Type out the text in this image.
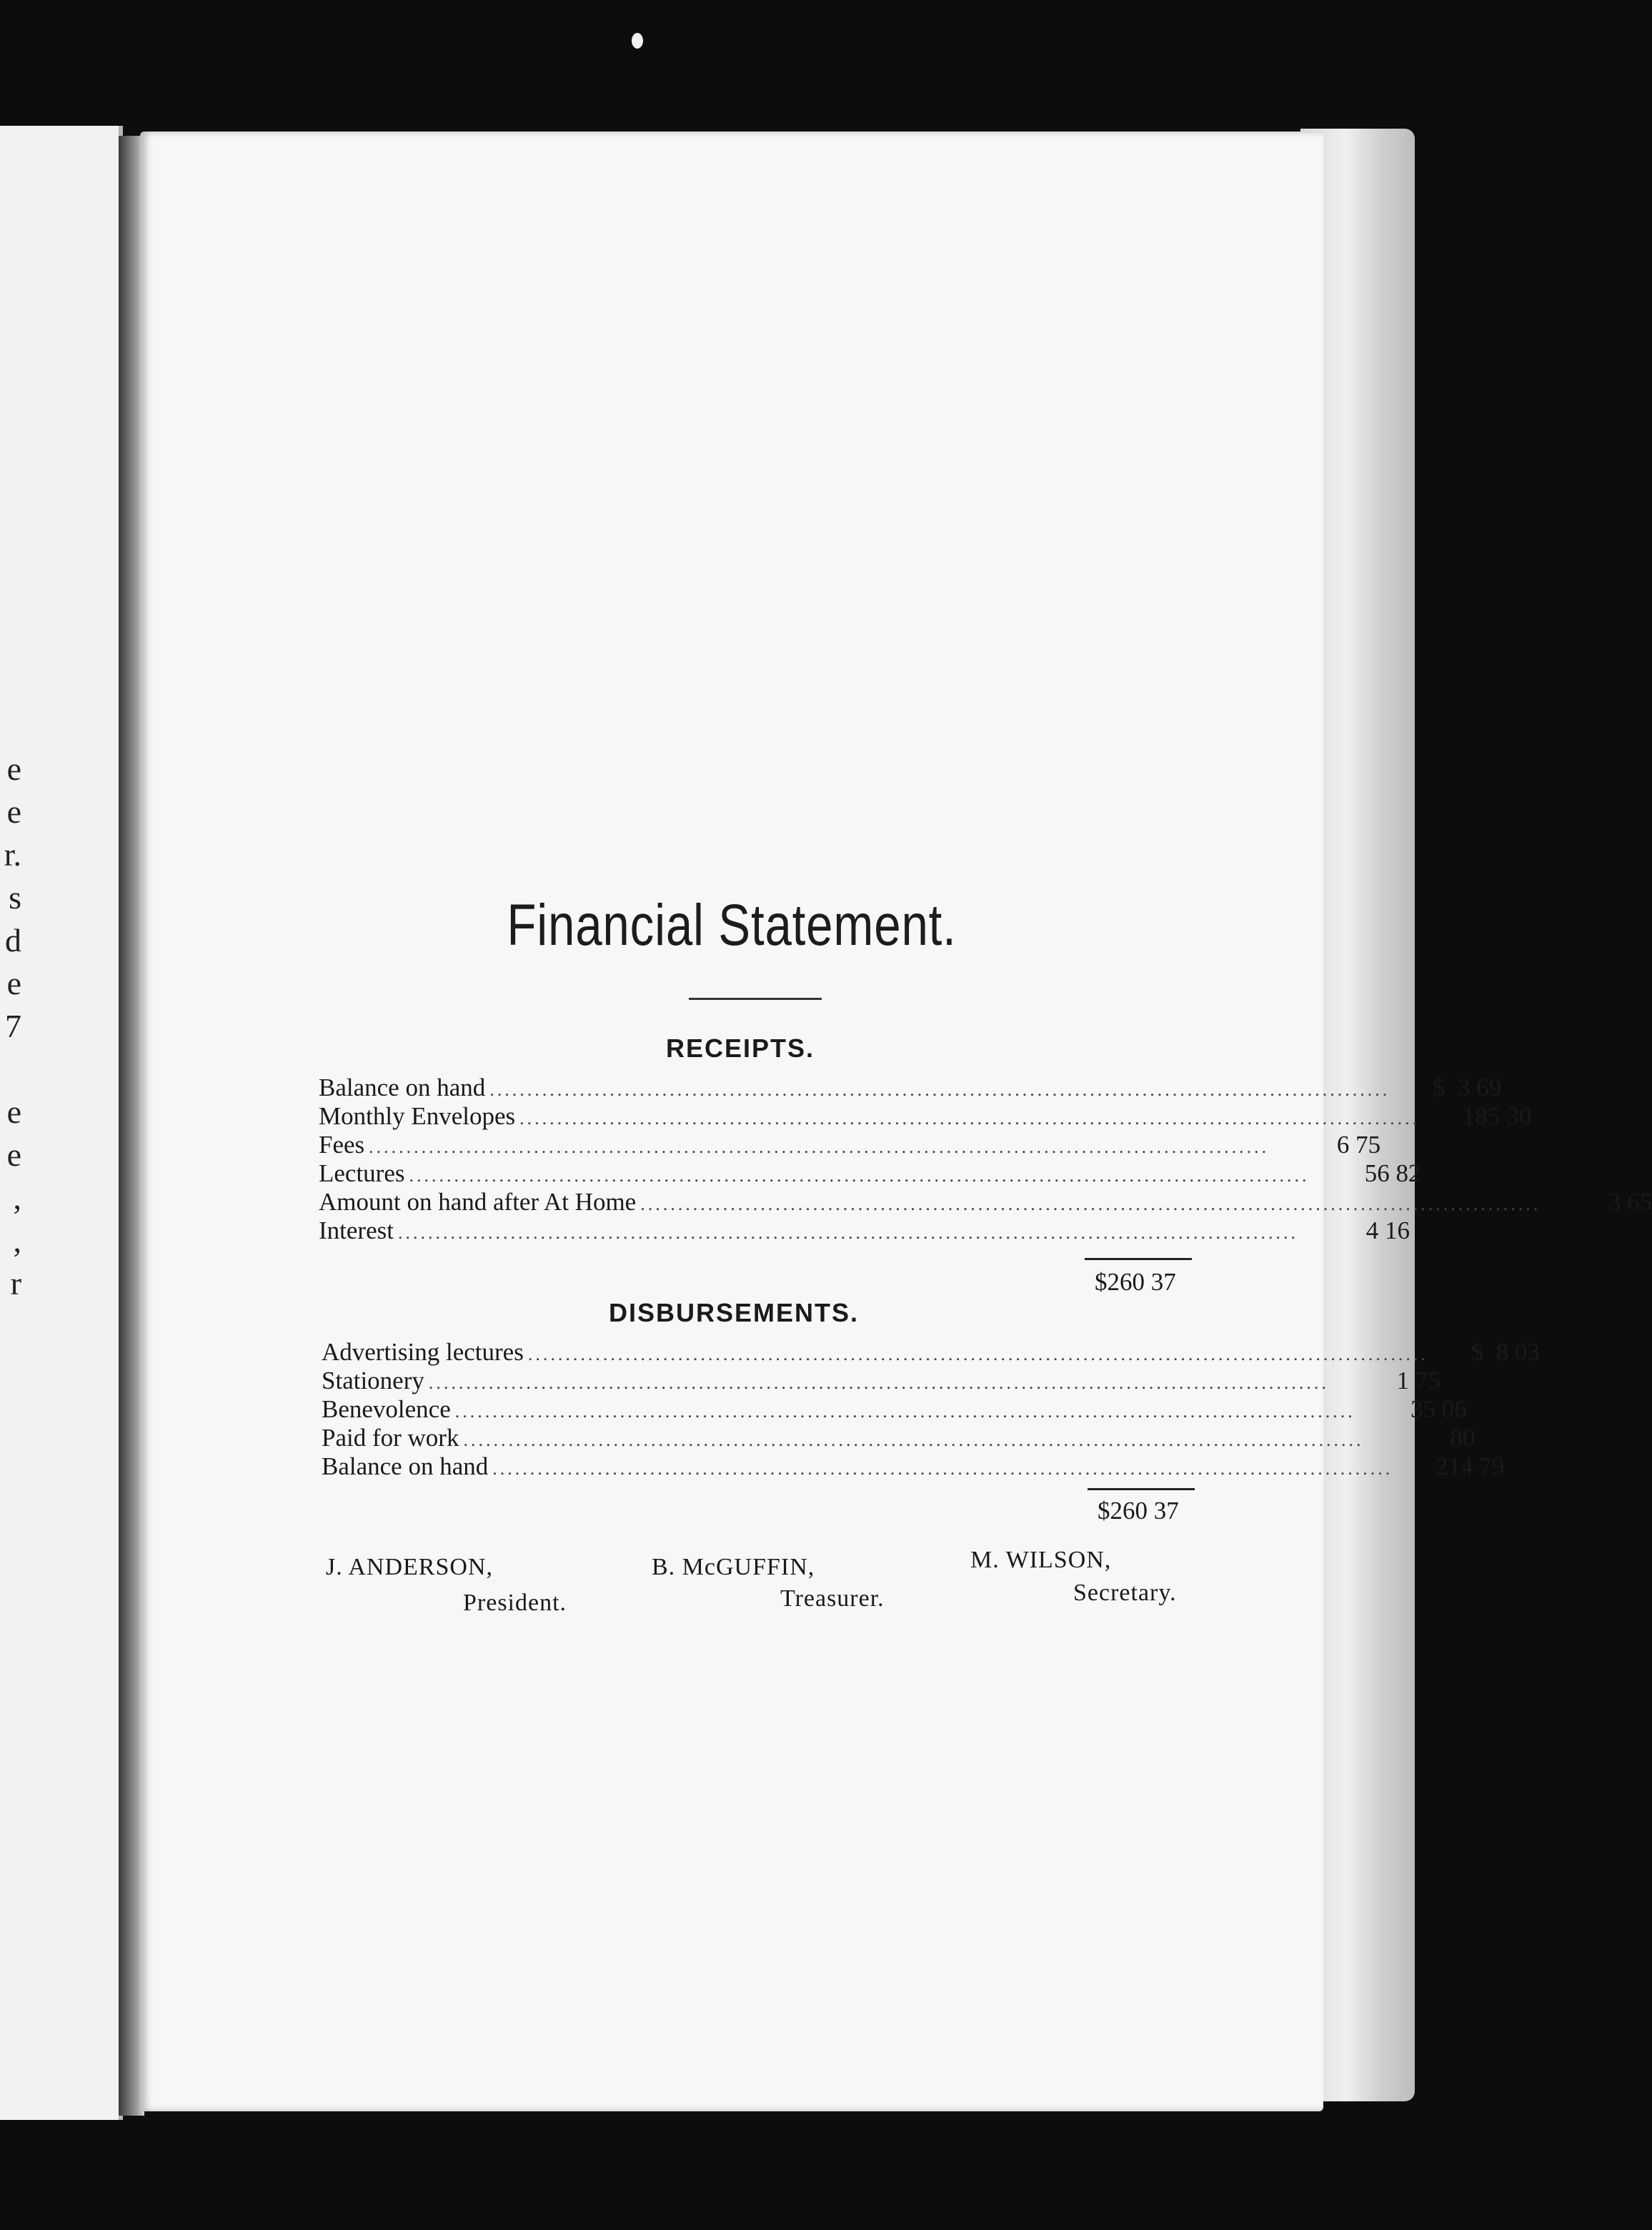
e
e
r.
s
d
e
7
e
e
,
,
r
Financial Statement.
RECEIPTS.
Balance on hand ........................................................................................................................	$  3 69
Monthly Envelopes ........................................................................................................................	185 30
Fees ........................................................................................................................	6 75
Lectures ........................................................................................................................	56 82
Amount on hand after At Home ........................................................................................................................	3 65
Interest ........................................................................................................................	4 16
$260 37
DISBURSEMENTS.
Advertising lectures ........................................................................................................................	$  8 03
Stationery ........................................................................................................................	1 75
Benevolence ........................................................................................................................	35 06
Paid for work ........................................................................................................................	80
Balance on hand ........................................................................................................................	214 79
$260 37
J. ANDERSON,
President.
B. McGUFFIN,
Treasurer.
M. WILSON,
Secretary.
